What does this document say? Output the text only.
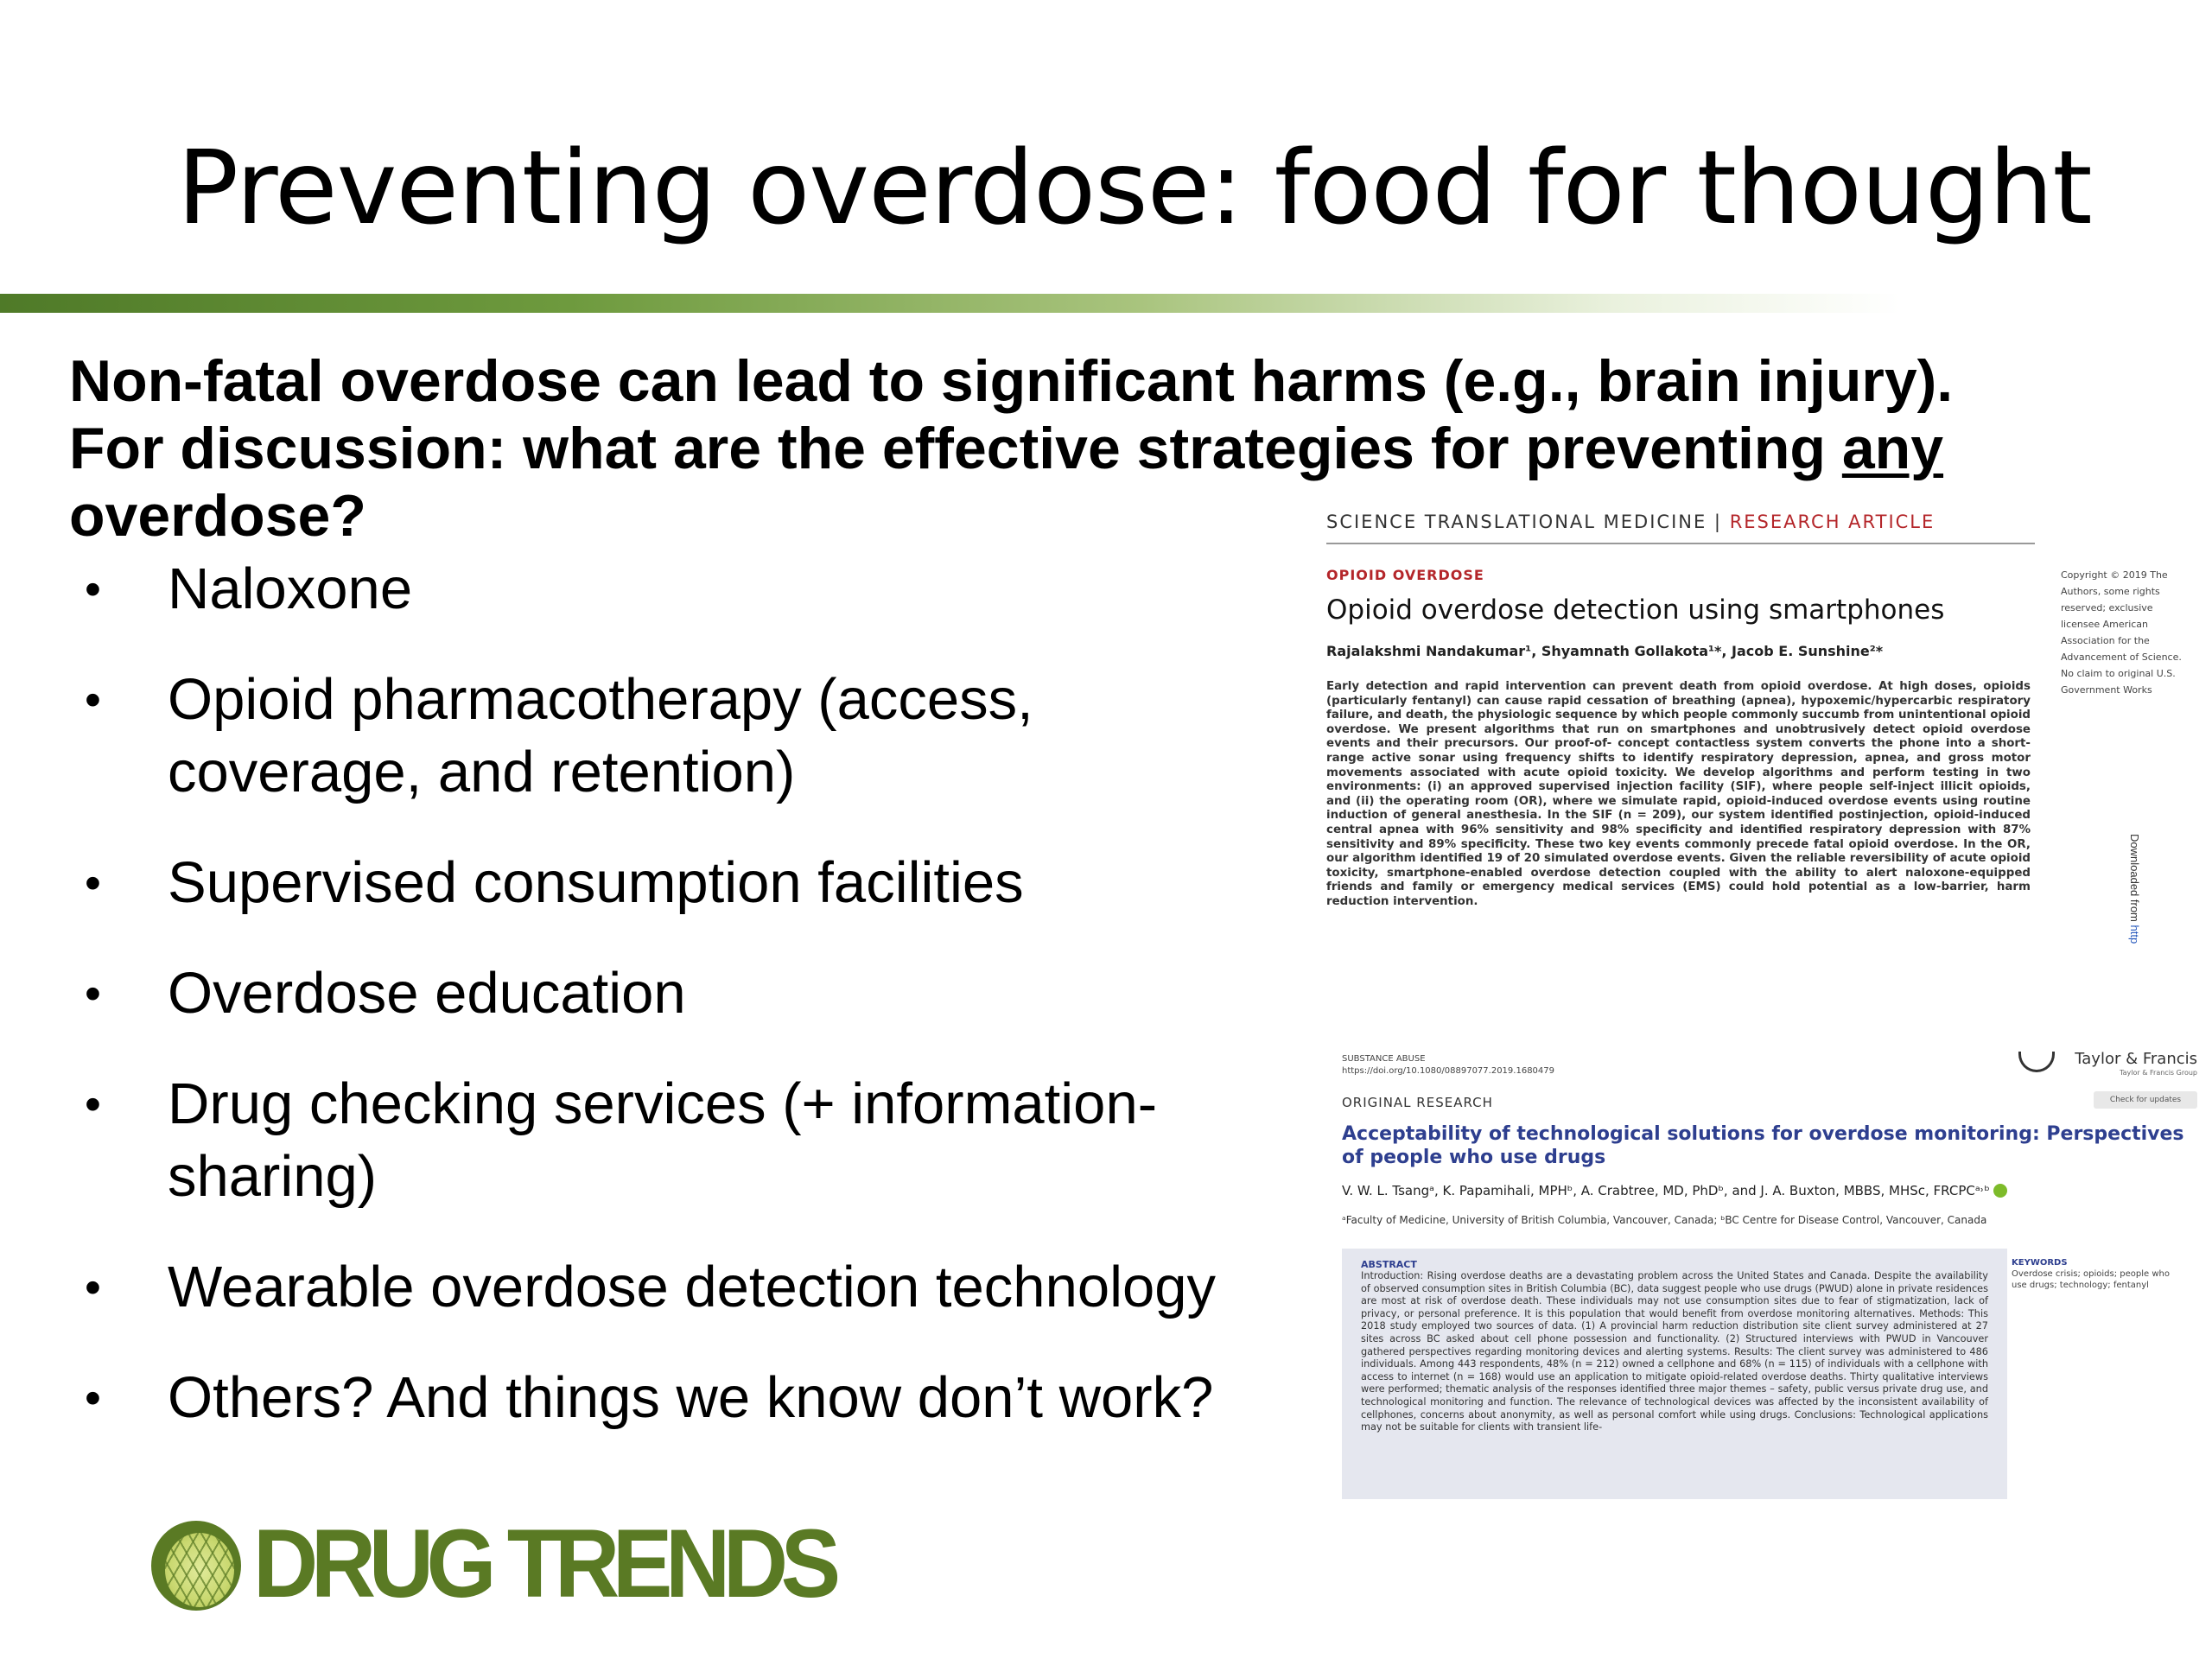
Preventing overdose: food for thought
Non-fatal overdose can lead to significant harms (e.g., brain injury).
For discussion: what are the effective strategies for preventing any
overdose?
• Naloxone
• Opioid pharmacotherapy (access,
coverage, and retention)
• Supervised consumption facilities
• Overdose education
• Drug checking services (+ information-
sharing)
• Wearable overdose detection technology
• Others? And things we know don’t work?
SCIENCE TRANSLATIONAL MEDICINE | RESEARCH ARTICLE
OPIOID OVERDOSE
Opioid overdose detection using smartphones
Rajalakshmi Nandakumar¹, Shyamnath Gollakota¹*, Jacob E. Sunshine²*
Early detection and rapid intervention can prevent death from opioid overdose. At high doses, opioids (particularly fentanyl) can cause rapid cessation of breathing (apnea), hypoxemic/hypercarbic respiratory failure, and death, the physiologic sequence by which people commonly succumb from unintentional opioid overdose. We present algorithms that run on smartphones and unobtrusively detect opioid overdose events and their precursors. Our proof-of- concept contactless system converts the phone into a short-range active sonar using frequency shifts to identify respiratory depression, apnea, and gross motor movements associated with acute opioid toxicity. We develop algorithms and perform testing in two environments: (i) an approved supervised injection facility (SIF), where people self-inject illicit opioids, and (ii) the operating room (OR), where we simulate rapid, opioid-induced overdose events using routine induction of general anesthesia. In the SIF (n = 209), our system identified postinjection, opioid-induced central apnea with 96% sensitivity and 98% specificity and identified respiratory depression with 87% sensitivity and 89% specificity. These two key events commonly precede fatal opioid overdose. In the OR, our algorithm identified 19 of 20 simulated overdose events. Given the reliable reversibility of acute opioid toxicity, smartphone-enabled overdose detection coupled with the ability to alert naloxone-equipped friends and family or emergency medical services (EMS) could hold potential as a low-barrier, harm reduction intervention.
Copyright © 2019 The Authors, some rights reserved; exclusive licensee American Association for the Advancement of Science. No claim to original U.S. Government Works
Downloaded from http
SUBSTANCE ABUSE
https://doi.org/10.1080/08897077.2019.1680479
Taylor & Francis
Taylor & Francis Group
ORIGINAL RESEARCH	Check for updates
Acceptability of technological solutions for overdose monitoring: Perspectives of people who use drugs
V. W. L. Tsangᵃ, K. Papamihali, MPHᵇ, A. Crabtree, MD, PhDᵇ, and J. A. Buxton, MBBS, MHSc, FRCPCᵃ˒ᵇ
ᵃFaculty of Medicine, University of British Columbia, Vancouver, Canada; ᵇBC Centre for Disease Control, Vancouver, Canada
ABSTRACT
Introduction: Rising overdose deaths are a devastating problem across the United States and Canada. Despite the availability of observed consumption sites in British Columbia (BC), data suggest people who use drugs (PWUD) alone in private residences are most at risk of overdose death. These individuals may not use consumption sites due to fear of stigmatization, lack of privacy, or personal preference. It is this population that would benefit from overdose monitoring alternatives. Methods: This 2018 study employed two sources of data. (1) A provincial harm reduction distribution site client survey administered at 27 sites across BC asked about cell phone possession and functionality. (2) Structured interviews with PWUD in Vancouver gathered perspectives regarding monitoring devices and alerting systems. Results: The client survey was administered to 486 individuals. Among 443 respondents, 48% (n = 212) owned a cellphone and 68% (n = 115) of individuals with a cellphone with access to internet (n = 168) would use an application to mitigate opioid-related overdose deaths. Thirty qualitative interviews were performed; thematic analysis of the responses identified three major themes – safety, public versus private drug use, and technological monitoring and function. The relevance of technological devices was affected by the inconsistent availability of cellphones, concerns about anonymity, as well as personal comfort while using drugs. Conclusions: Technological applications may not be suitable for clients with transient life-
KEYWORDS
Overdose crisis; opioids; people who use drugs; technology; fentanyl
DRUG TRENDS
